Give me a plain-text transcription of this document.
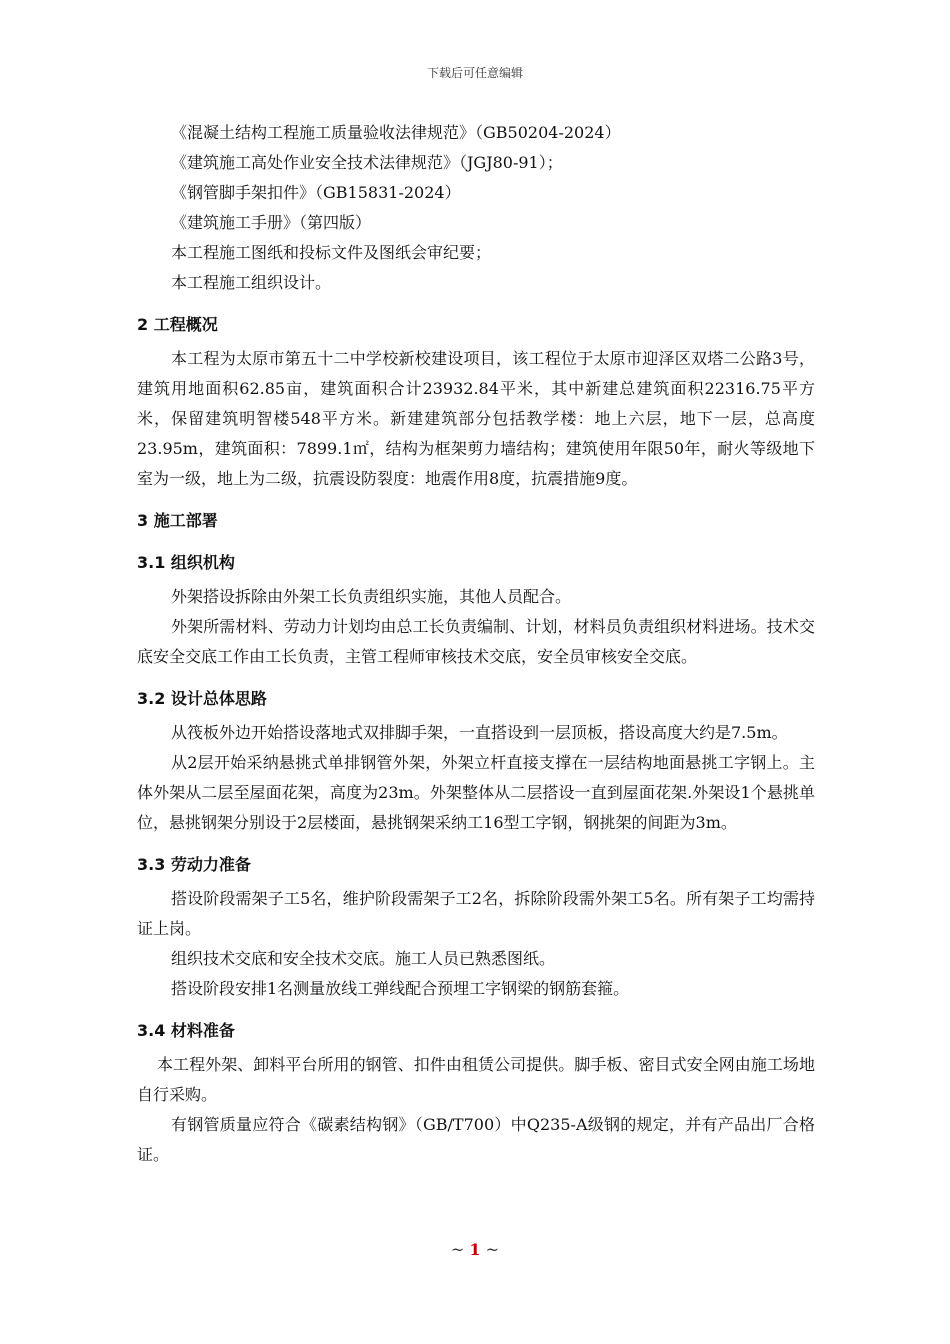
下载后可任意编辑
《混凝土结构工程施工质量验收法律规范》（GB50204-2024）
《建筑施工高处作业安全技术法律规范》（JGJ80-91）；
《钢管脚手架扣件》（GB15831-2024）
《建筑施工手册》（第四版）
本工程施工图纸和投标文件及图纸会审纪要；
本工程施工组织设计。
2 工程概况

本工程为太原市第五十二中学校新校建设项目，该工程位于太原市迎泽区双塔二公路3号，建筑用地面积62.85亩，建筑面积合计23932.84平米，其中新建总建筑面积22316.75平方米，保留建筑明智楼548平方米。新建建筑部分包括教学楼：地上六层，地下一层，总高度23.95m，建筑面积：7899.1㎡，结构为框架剪力墙结构；建筑使用年限50年，耐火等级地下室为一级，地上为二级，抗震设防裂度：地震作用8度，抗震措施9度。

3 施工部署
3.1 组织机构

外架搭设拆除由外架工长负责组织实施，其他人员配合。

外架所需材料、劳动力计划均由总工长负责编制、计划，材料员负责组织材料进场。技术交底安全交底工作由工长负责，主管工程师审核技术交底，安全员审核安全交底。

3.2 设计总体思路

从筏板外边开始搭设落地式双排脚手架，一直搭设到一层顶板，搭设高度大约是7.5m。

从2层开始采纳悬挑式单排钢管外架，外架立杆直接支撑在一层结构地面悬挑工字钢上。主体外架从二层至屋面花架，高度为23m。外架整体从二层搭设一直到屋面花架.外架设1个悬挑单位，悬挑钢架分别设于2层楼面，悬挑钢架采纳工16型工字钢，钢挑架的间距为3m。

3.3 劳动力准备

搭设阶段需架子工5名，维护阶段需架子工2名，拆除阶段需外架工5名。所有架子工均需持证上岗。

组织技术交底和安全技术交底。施工人员已熟悉图纸。

搭设阶段安排1名测量放线工弹线配合预埋工字钢梁的钢筋套箍。

3.4 材料准备

本工程外架、卸料平台所用的钢管、扣件由租赁公司提供。脚手板、密目式安全网由施工场地自行采购。

有钢管质量应符合《碳素结构钢》（GB/T700）中Q235-A级钢的规定，并有产品出厂合格证。

~ 1 ~
